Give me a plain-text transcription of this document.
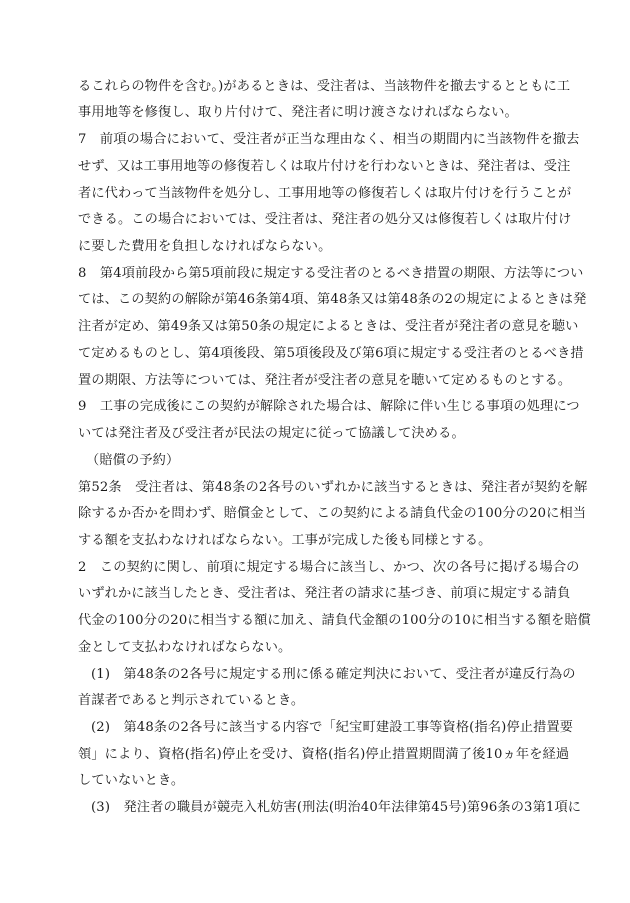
るこれらの物件を含む。)があるときは、受注者は、当該物件を撤去するとともに工
事用地等を修復し、取り片付けて、発注者に明け渡さなければならない。
7　前項の場合において、受注者が正当な理由なく、相当の期間内に当該物件を撤去
せず、又は工事用地等の修復若しくは取片付けを行わないときは、発注者は、受注
者に代わって当該物件を処分し、工事用地等の修復若しくは取片付けを行うことが
できる。この場合においては、受注者は、発注者の処分又は修復若しくは取片付け
に要した費用を負担しなければならない。
8　第4項前段から第5項前段に規定する受注者のとるべき措置の期限、方法等につい
ては、この契約の解除が第46条第4項、第48条又は第48条の2の規定によるときは発
注者が定め、第49条又は第50条の規定によるときは、受注者が発注者の意見を聴い
て定めるものとし、第4項後段、第5項後段及び第6項に規定する受注者のとるべき措
置の期限、方法等については、発注者が受注者の意見を聴いて定めるものとする。
9　工事の完成後にこの契約が解除された場合は、解除に伴い生じる事項の処理につ
いては発注者及び受注者が民法の規定に従って協議して決める。
（賠償の予約）
第52条　受注者は、第48条の2各号のいずれかに該当するときは、発注者が契約を解
除するか否かを問わず、賠償金として、この契約による請負代金の100分の20に相当
する額を支払わなければならない。工事が完成した後も同様とする。
2　この契約に関し、前項に規定する場合に該当し、かつ、次の各号に掲げる場合の
いずれかに該当したとき、受注者は、発注者の請求に基づき、前項に規定する請負
代金の100分の20に相当する額に加え、請負代金額の100分の10に相当する額を賠償
金として支払わなければならない。
(1)　第48条の2各号に規定する刑に係る確定判決において、受注者が違反行為の
首謀者であると判示されているとき。
(2)　第48条の2各号に該当する内容で「紀宝町建設工事等資格(指名)停止措置要
領」により、資格(指名)停止を受け、資格(指名)停止措置期間満了後10ヵ年を経過
していないとき。
(3)　発注者の職員が競売入札妨害(刑法(明治40年法律第45号)第96条の3第1項に
